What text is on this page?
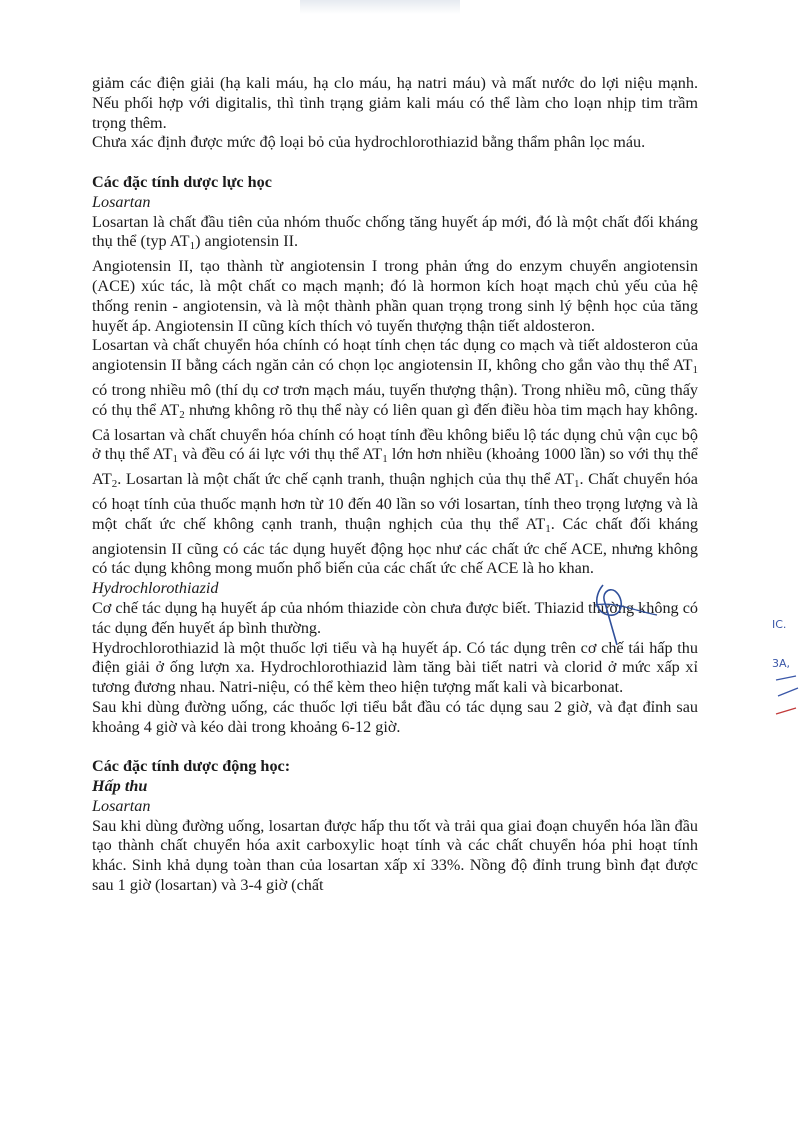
giảm các điện giải (hạ kali máu, hạ clo máu, hạ natri máu) và mất nước do lợi niệu mạnh. Nếu phối hợp với digitalis, thì tình trạng giảm kali máu có thể làm cho loạn nhịp tim trầm trọng thêm.

Chưa xác định được mức độ loại bỏ của hydrochlorothiazid bằng thẩm phân lọc máu.

Các đặc tính dược lực học

Losartan

Losartan là chất đầu tiên của nhóm thuốc chống tăng huyết áp mới, đó là một chất đối kháng thụ thể (typ $AT_1$) angiotensin II.

Angiotensin II, tạo thành từ angiotensin I trong phản ứng do enzym chuyển angiotensin (ACE) xúc tác, là một chất co mạch mạnh; đó là hormon kích hoạt mạch chủ yếu của hệ thống renin - angiotensin, và là một thành phần quan trọng trong sinh lý bệnh học của tăng huyết áp. Angiotensin II cũng kích thích vỏ tuyến thượng thận tiết aldosteron.

Losartan và chất chuyển hóa chính có hoạt tính chẹn tác dụng co mạch và tiết aldosteron của angiotensin II bằng cách ngăn cản có chọn lọc angiotensin II, không cho gắn vào thụ thể $AT_1$ có trong nhiều mô (thí dụ cơ trơn mạch máu, tuyến thượng thận). Trong nhiều mô, cũng thấy có thụ thể $AT_2$ nhưng không rõ thụ thể này có liên quan gì đến điều hòa tim mạch hay không. Cả losartan và chất chuyển hóa chính có hoạt tính đều không biểu lộ tác dụng chủ vận cục bộ ở thụ thể $AT_1$ và đều có ái lực với thụ thể $AT_1$ lớn hơn nhiều (khoảng 1000 lần) so với thụ thể $AT_2$. Losartan là một chất ức chế cạnh tranh, thuận nghịch của thụ thể $AT_1$. Chất chuyển hóa có hoạt tính của thuốc mạnh hơn từ 10 đến 40 lần so với losartan, tính theo trọng lượng và là một chất ức chế không cạnh tranh, thuận nghịch của thụ thể $AT_1$. Các chất đối kháng angiotensin II cũng có các tác dụng huyết động học như các chất ức chế ACE, nhưng không có tác dụng không mong muốn phổ biến của các chất ức chế ACE là ho khan.

Hydrochlorothiazid

Cơ chế tác dụng hạ huyết áp của nhóm thiazide còn chưa được biết. Thiazid thường không có tác dụng đến huyết áp bình thường.

Hydrochlorothiazid là một thuốc lợi tiểu và hạ huyết áp. Có tác dụng trên cơ chế tái hấp thu điện giải ở ống lượn xa. Hydrochlorothiazid làm tăng bài tiết natri và clorid ở mức xấp xỉ tương đương nhau. Natri-niệu, có thể kèm theo hiện tượng mất kali và bicarbonat.

Sau khi dùng đường uống, các thuốc lợi tiểu bắt đầu có tác dụng sau 2 giờ, và đạt đỉnh sau khoảng 4 giờ và kéo dài trong khoảng 6-12 giờ.

Các đặc tính dược động học:

Hấp thu

Losartan

Sau khi dùng đường uống, losartan được hấp thu tốt và trải qua giai đoạn chuyển hóa lần đầu tạo thành chất chuyển hóa axit carboxylic hoạt tính và các chất chuyển hóa phi hoạt tính khác. Sinh khả dụng toàn than của losartan xấp xỉ 33%. Nồng độ đỉnh trung bình đạt được sau 1 giờ (losartan) và 3-4 giờ (chất

IC.
3A,
